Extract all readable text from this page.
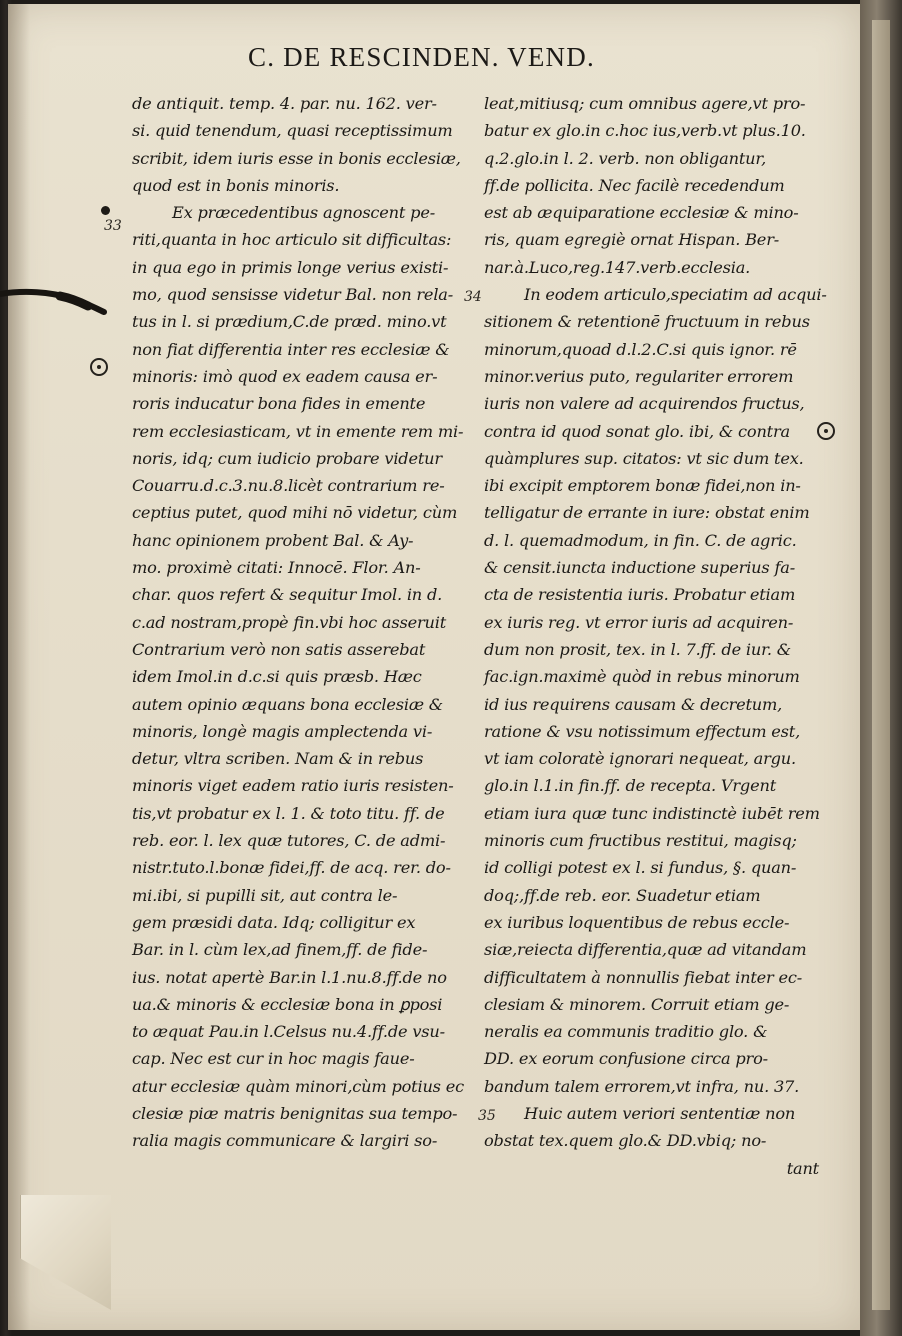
C. DE RESCINDEN. VEND.
33
34
35
de antiquit. temp. 4. par. nu. 162. ver-
si. quid tenendum, quasi receptissimum
scribit, idem iuris esse in bonis ecclesiæ,
quod est in bonis minoris.
Ex præcedentibus agnoscent pe-
riti,quanta in hoc articulo sit difficultas:
in qua ego in primis longe verius existi-
mo, quod sensisse videtur Bal. non rela-
tus in l. si prædium,C.de præd. mino.vt
non fiat differentia inter res ecclesiæ &
minoris: imò quod ex eadem causa er-
roris inducatur bona fides in emente
rem ecclesiasticam, vt in emente rem mi-
noris, idq; cum iudicio probare videtur
Couarru.d.c.3.nu.8.licèt contrarium re-
ceptius putet, quod mihi nō videtur, cùm
hanc opinionem probent Bal. & Ay-
mo. proximè citati: Innocē. Flor. An-
char. quos refert & sequitur Imol. in d.
c.ad nostram,propè fin.vbi hoc asseruit
Contrarium verò non satis asserebat
idem Imol.in d.c.si quis præsb. Hæc
autem opinio æquans bona ecclesiæ &
minoris, longè magis amplectenda vi-
detur, vltra scriben. Nam & in rebus
minoris viget eadem ratio iuris resisten-
tis,vt probatur ex l. 1. & toto titu. ff. de
reb. eor. l. lex quæ tutores, C. de admi-
nistr.tuto.l.bonæ fidei,ff. de acq. rer. do-
mi.ibi, si pupilli sit, aut contra le-
gem præsidi data. Idq; colligitur ex
Bar. in l. cùm lex,ad finem,ff. de fide-
ius. notat apertè Bar.in l.1.nu.8.ff.de no
ua.& minoris & ecclesiæ bona in ꝑposi
to æquat Pau.in l.Celsus nu.4.ff.de vsu-
cap. Nec est cur in hoc magis faue-
atur ecclesiæ quàm minori,cùm potius ec
clesiæ piæ matris benignitas sua tempo-
ralia magis communicare & largiri so-
leat,mitiusq; cum omnibus agere,vt pro-
batur ex glo.in c.hoc ius,verb.vt plus.10.
q.2.glo.in l. 2. verb. non obligantur,
ff.de pollicita. Nec facilè recedendum
est ab æquiparatione ecclesiæ & mino-
ris, quam egregiè ornat Hispan. Ber-
nar.à.Luco,reg.147.verb.ecclesia.
In eodem articulo,speciatim ad acqui-
sitionem & retentionē fructuum in rebus
minorum,quoad d.l.2.C.si quis ignor. rē
minor.verius puto, regulariter errorem
iuris non valere ad acquirendos fructus,
contra id quod sonat glo. ibi, & contra
quàmplures sup. citatos: vt sic dum tex.
ibi excipit emptorem bonæ fidei,non in-
telligatur de errante in iure: obstat enim
d. l. quemadmodum, in fin. C. de agric.
& censit.iuncta inductione superius fa-
cta de resistentia iuris. Probatur etiam
ex iuris reg. vt error iuris ad acquiren-
dum non prosit, tex. in l. 7.ff. de iur. &
fac.ign.maximè quòd in rebus minorum
id ius requirens causam & decretum,
ratione & vsu notissimum effectum est,
vt iam coloratè ignorari nequeat, argu.
glo.in l.1.in fin.ff. de recepta. Vrgent
etiam iura quæ tunc indistinctè iubēt rem
minoris cum fructibus restitui, magisq;
id colligi potest ex l. si fundus, §. quan-
doq;,ff.de reb. eor. Suadetur etiam
ex iuribus loquentibus de rebus eccle-
siæ,reiecta differentia,quæ ad vitandam
difficultatem à nonnullis fiebat inter ec-
clesiam & minorem. Corruit etiam ge-
neralis ea communis traditio glo. &
DD. ex eorum confusione circa pro-
bandum talem errorem,vt infra, nu. 37.
Huic autem veriori sententiæ non
obstat tex.quem glo.& DD.vbiq; no-
tant
